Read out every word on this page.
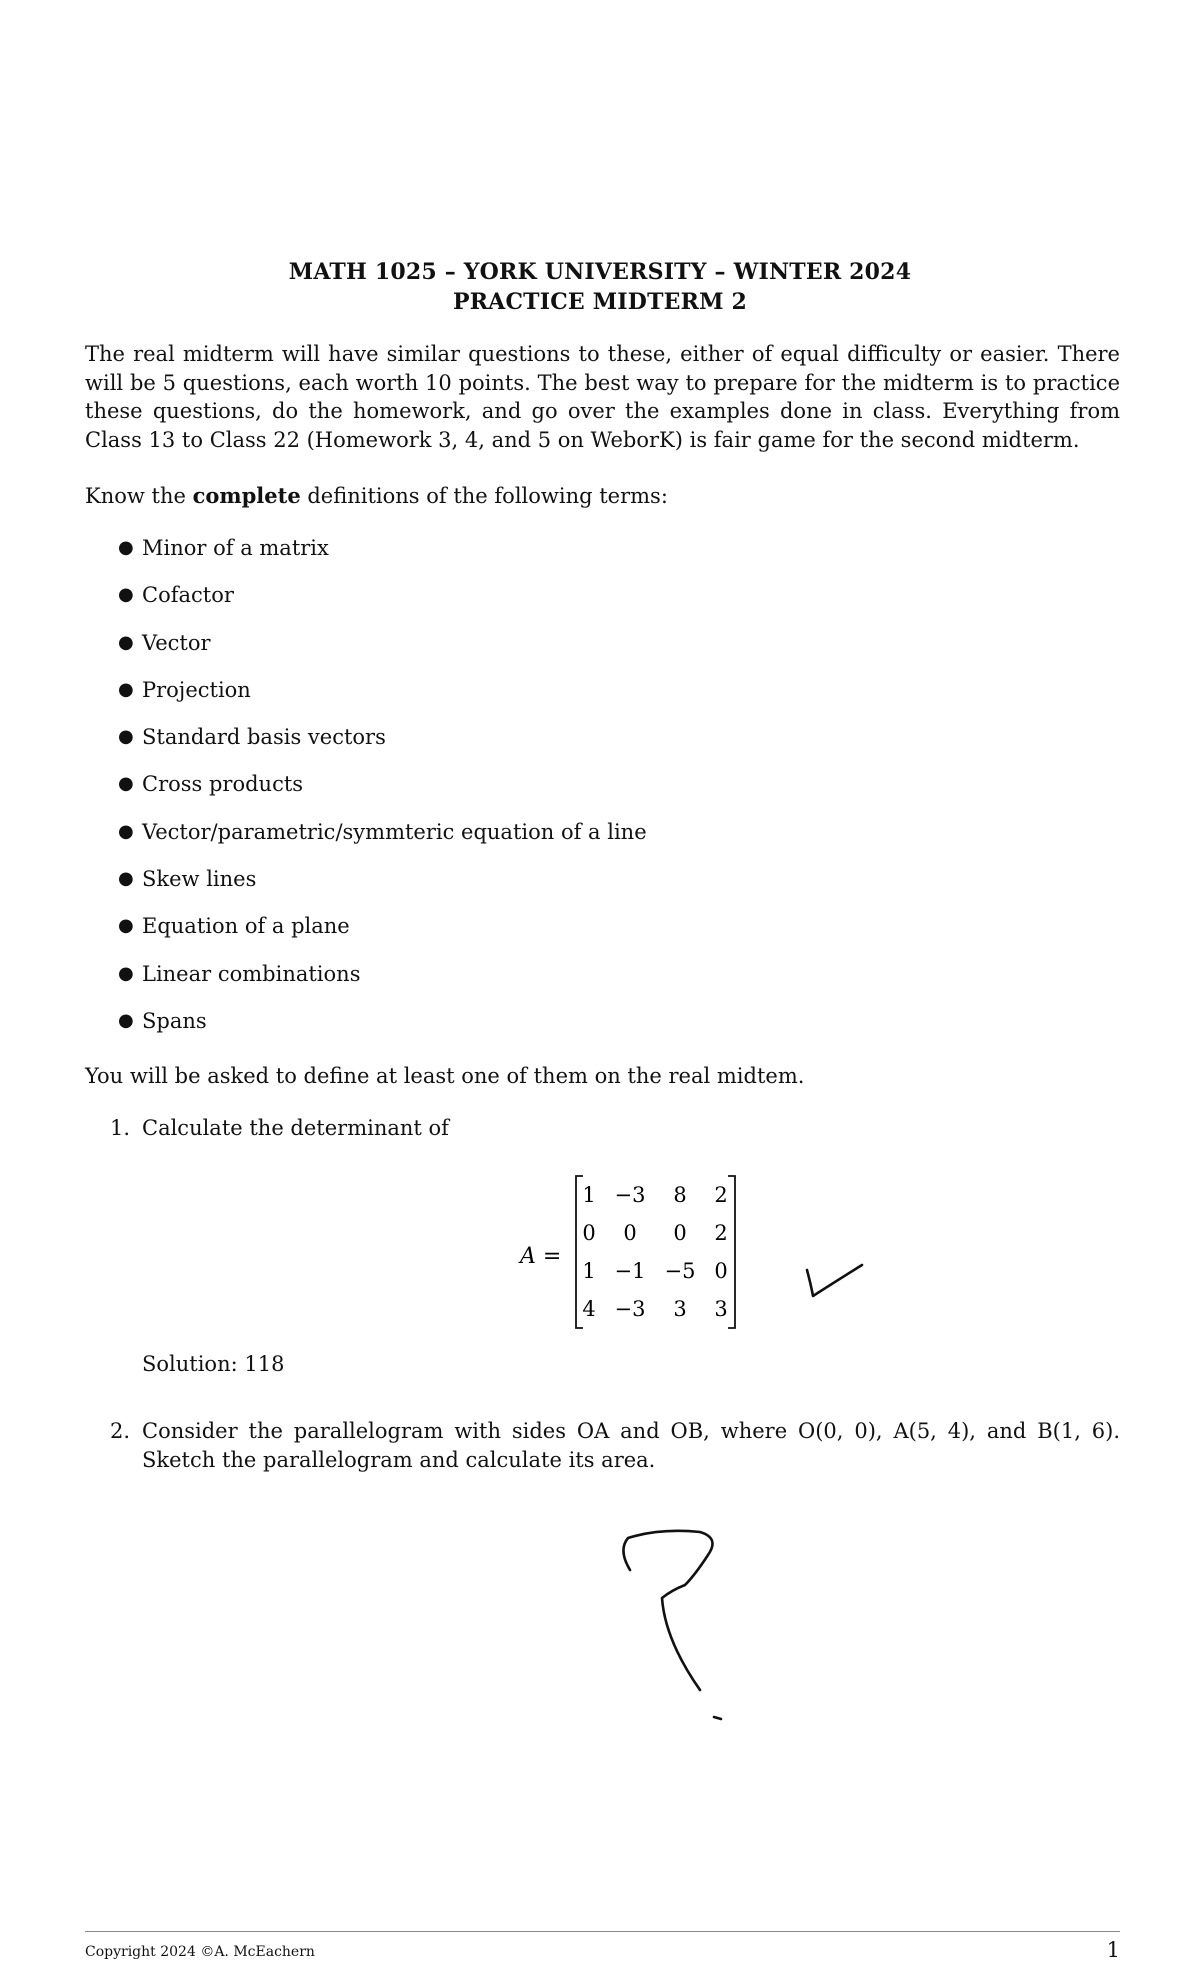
MATH 1025 – YORK UNIVERSITY – WINTER 2024
PRACTICE MIDTERM 2
The real midterm will have similar questions to these, either of equal difficulty or easier. There will be 5 questions, each worth 10 points. The best way to prepare for the midterm is to practice these questions, do the homework, and go over the examples done in class. Everything from Class 13 to Class 22 (Homework 3, 4, and 5 on WeborK) is fair game for the second midterm.
Know the complete definitions of the following terms:
● Minor of a matrix
● Cofactor
● Vector
● Projection
● Standard basis vectors
● Cross products
● Vector/parametric/symmteric equation of a line
● Skew lines
● Equation of a plane
● Linear combinations
● Spans
You will be asked to define at least one of them on the real midtem.
1. Calculate the determinant of
A =
1 −3 8 2
0 0 0 2
1 −1 −5 0
4 −3 3 3
Solution: 118
2. Consider the parallelogram with sides OA and OB, where O(0, 0), A(5, 4), and B(1, 6). Sketch the parallelogram and calculate its area.
Copyright 2024 ©A. McEachern	1
